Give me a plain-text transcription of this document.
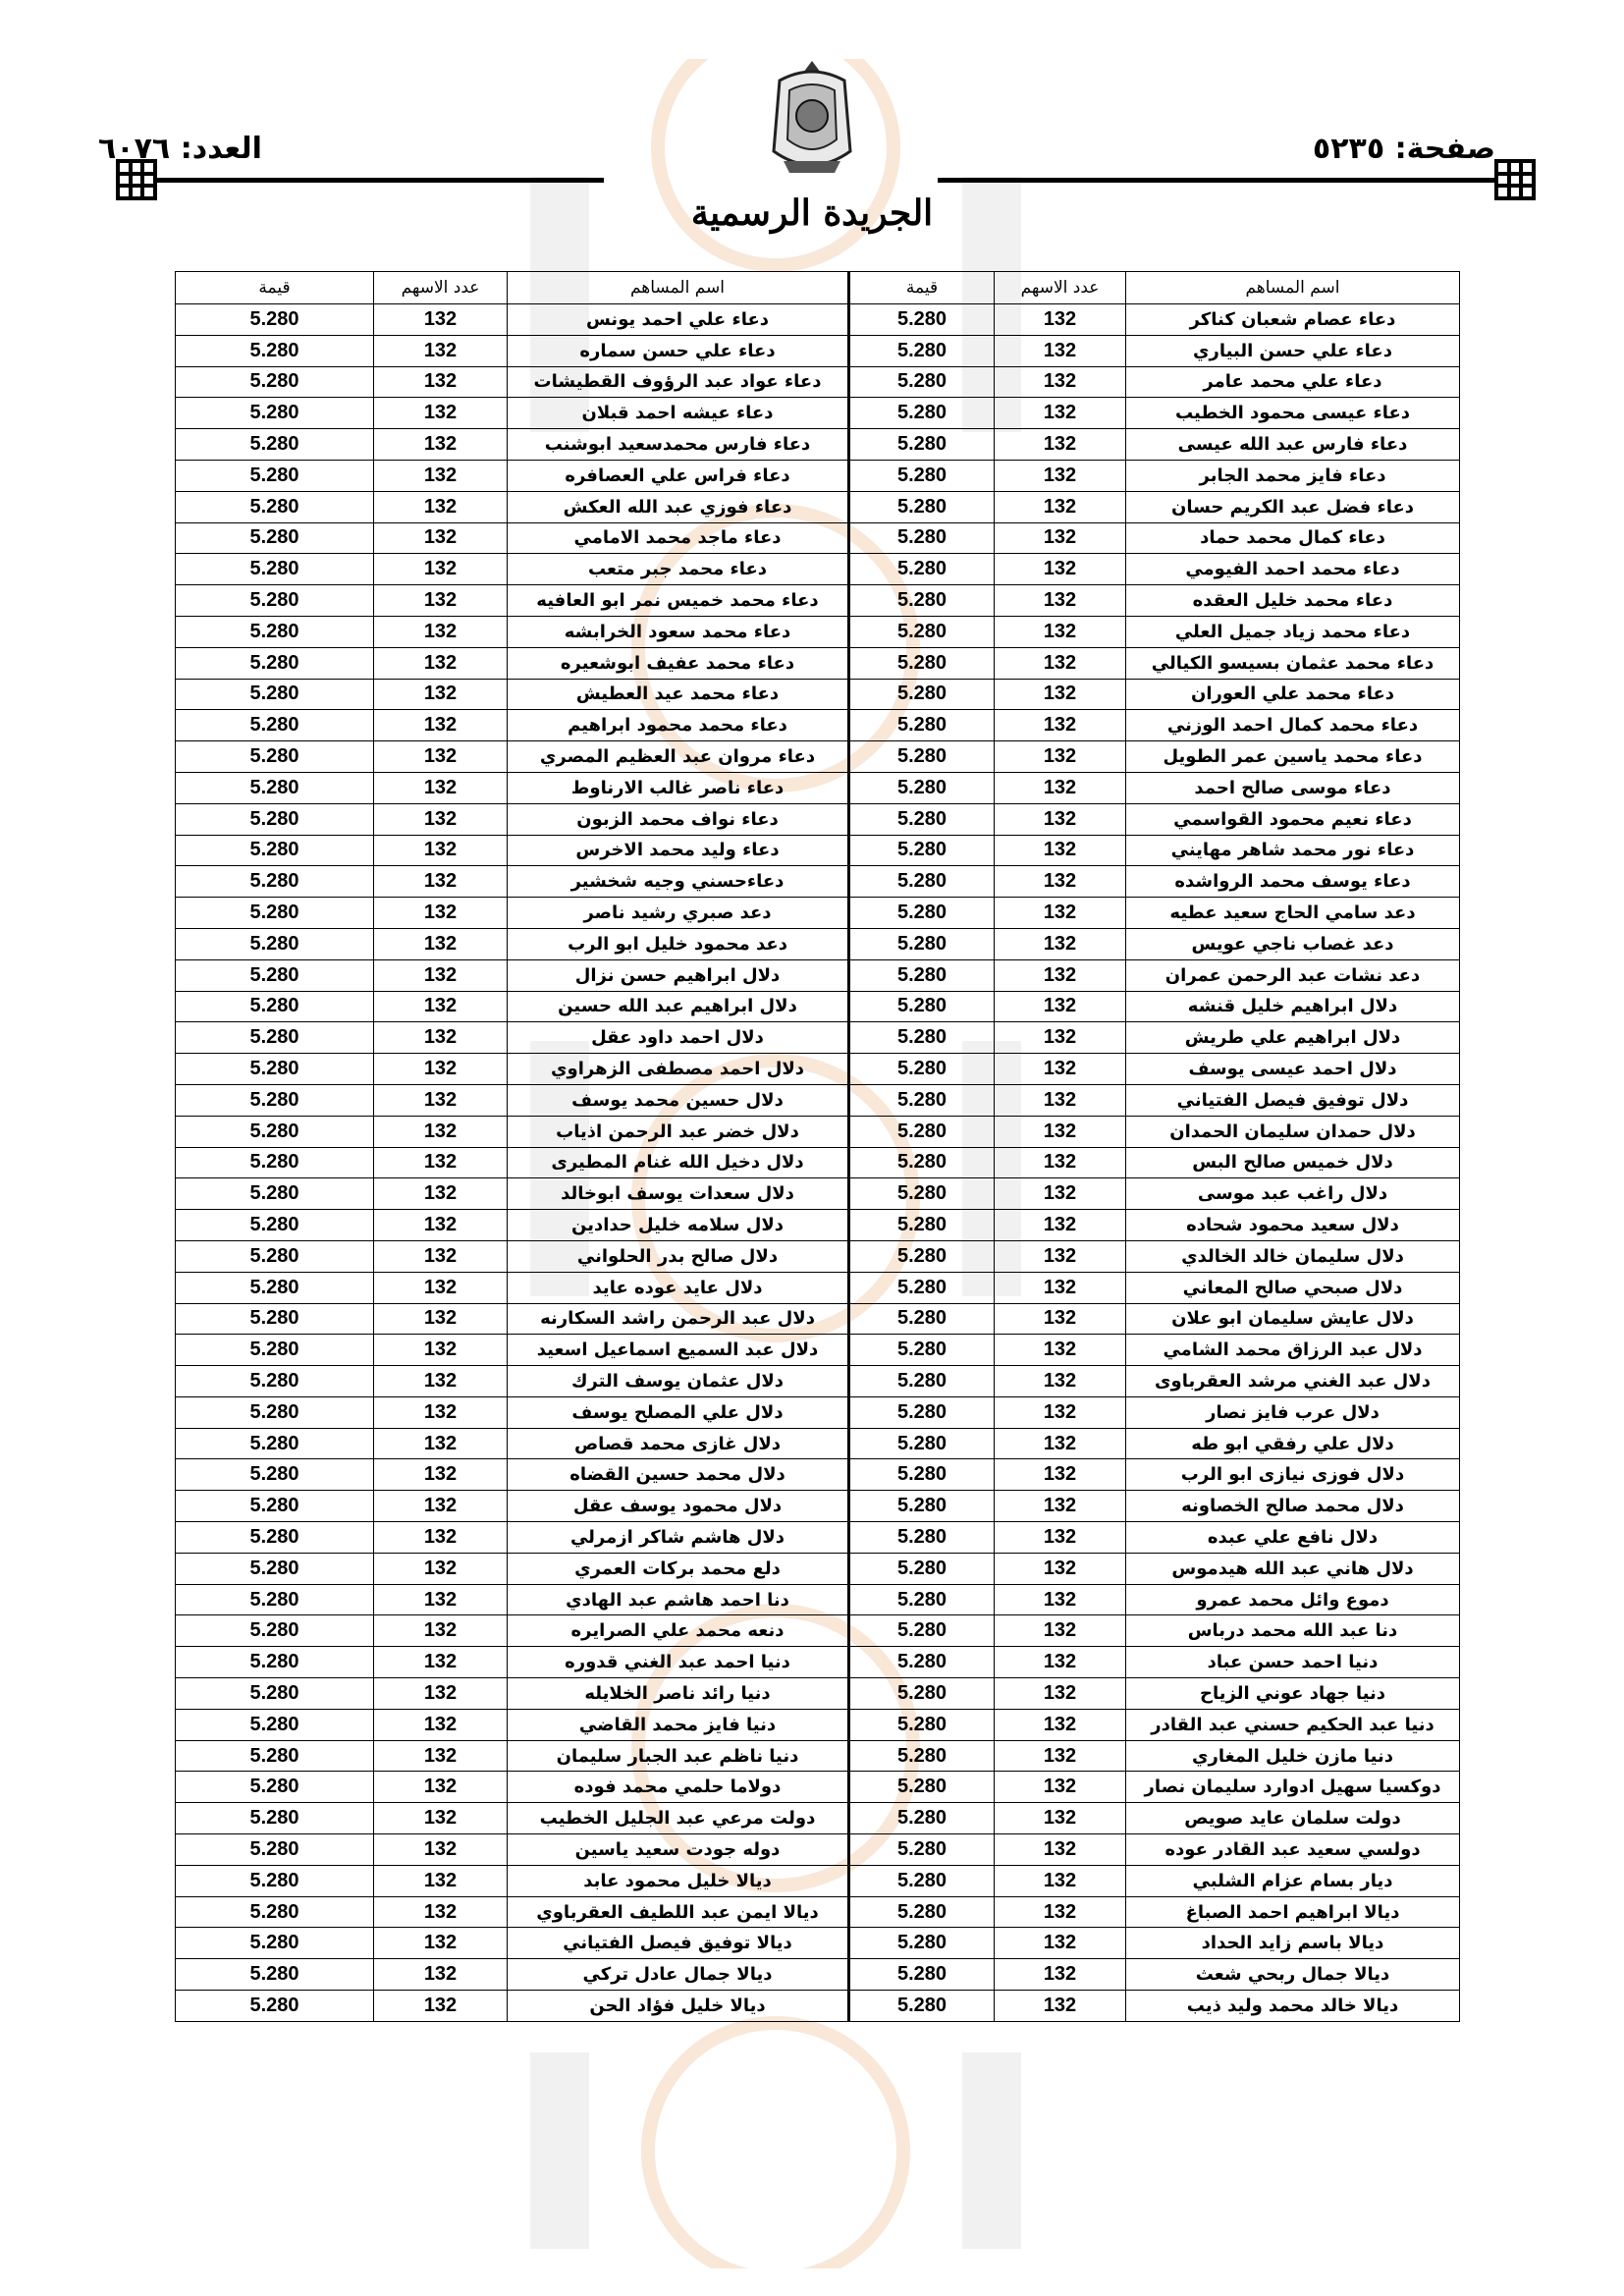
صفحة: ٥٢٣٥
العدد: ٦٠٧٦
الجريدة الرسمية
اسم المساهم	عدد الاسهم	قيمة	اسم المساهم	عدد الاسهم	قيمة
دعاء عصام شعبان كناكر	132	5.280	دعاء علي احمد يونس	132	5.280
دعاء علي حسن البياري	132	5.280	دعاء علي حسن سماره	132	5.280
دعاء علي محمد عامر	132	5.280	دعاء عواد عبد الرؤوف القطيشات	132	5.280
دعاء عيسى محمود الخطيب	132	5.280	دعاء عيشه احمد قبلان	132	5.280
دعاء فارس عبد الله عيسى	132	5.280	دعاء فارس محمدسعيد ابوشنب	132	5.280
دعاء فايز محمد الجابر	132	5.280	دعاء فراس علي العصافره	132	5.280
دعاء فضل عبد الكريم حسان	132	5.280	دعاء فوزي عبد الله العكش	132	5.280
دعاء كمال محمد حماد	132	5.280	دعاء ماجد محمد الامامي	132	5.280
دعاء محمد احمد الفيومي	132	5.280	دعاء محمد جبر متعب	132	5.280
دعاء محمد خليل العقده	132	5.280	دعاء محمد خميس نمر ابو العافيه	132	5.280
دعاء محمد زياد جميل العلي	132	5.280	دعاء محمد سعود الخرابشه	132	5.280
دعاء محمد عثمان بسيسو الكيالي	132	5.280	دعاء محمد عفيف ابوشعيره	132	5.280
دعاء محمد علي العوران	132	5.280	دعاء محمد عيد العطيش	132	5.280
دعاء محمد كمال احمد الوزني	132	5.280	دعاء محمد محمود ابراهيم	132	5.280
دعاء محمد ياسين عمر الطويل	132	5.280	دعاء مروان عبد العظيم المصري	132	5.280
دعاء موسى صالح احمد	132	5.280	دعاء ناصر غالب الارناوط	132	5.280
دعاء نعيم محمود القواسمي	132	5.280	دعاء نواف محمد الزبون	132	5.280
دعاء نور محمد شاهر مهايني	132	5.280	دعاء وليد محمد الاخرس	132	5.280
دعاء يوسف محمد الرواشده	132	5.280	دعاءحسني وجيه شخشير	132	5.280
دعد سامي الحاج سعيد عطيه	132	5.280	دعد صبري رشيد ناصر	132	5.280
دعد غصاب ناجي عويس	132	5.280	دعد محمود خليل ابو الرب	132	5.280
دعد نشات عبد الرحمن عمران	132	5.280	دلال ابراهيم حسن نزال	132	5.280
دلال ابراهيم خليل قنشه	132	5.280	دلال ابراهيم عبد الله حسين	132	5.280
دلال ابراهيم علي طريش	132	5.280	دلال احمد داود عقل	132	5.280
دلال احمد عيسى يوسف	132	5.280	دلال احمد مصطفى الزهراوي	132	5.280
دلال توفيق فيصل الفتياني	132	5.280	دلال حسين محمد يوسف	132	5.280
دلال حمدان سليمان الحمدان	132	5.280	دلال خضر عبد الرحمن اذياب	132	5.280
دلال خميس صالح البس	132	5.280	دلال دخيل الله غنام المطيرى	132	5.280
دلال راغب عبد موسى	132	5.280	دلال سعدات يوسف ابوخالد	132	5.280
دلال سعيد محمود شحاده	132	5.280	دلال سلامه خليل حدادين	132	5.280
دلال سليمان خالد الخالدي	132	5.280	دلال صالح بدر الحلواني	132	5.280
دلال صبحي صالح المعاني	132	5.280	دلال عايد عوده عايد	132	5.280
دلال عايش سليمان ابو علان	132	5.280	دلال عبد الرحمن راشد السكارنه	132	5.280
دلال عبد الرزاق محمد الشامي	132	5.280	دلال عبد السميع اسماعيل اسعيد	132	5.280
دلال عبد الغني مرشد العقرباوى	132	5.280	دلال عثمان يوسف الترك	132	5.280
دلال عرب فايز نصار	132	5.280	دلال علي المصلح يوسف	132	5.280
دلال علي رفقي ابو طه	132	5.280	دلال غازى محمد قصاص	132	5.280
دلال فوزى نيازى ابو الرب	132	5.280	دلال محمد حسين القضاه	132	5.280
دلال محمد صالح الخصاونه	132	5.280	دلال محمود يوسف عقل	132	5.280
دلال نافع علي عبده	132	5.280	دلال هاشم شاكر ازمرلي	132	5.280
دلال هاني عبد الله هيدموس	132	5.280	دلع محمد بركات العمري	132	5.280
دموع وائل محمد عمرو	132	5.280	دنا احمد هاشم عبد الهادي	132	5.280
دنا عبد الله محمد درباس	132	5.280	دنعه محمد علي الصرايره	132	5.280
دنيا احمد حسن عباد	132	5.280	دنيا احمد عبد الغني قدوره	132	5.280
دنيا جهاد عوني الزياح	132	5.280	دنيا رائد ناصر الخلايله	132	5.280
دنيا عبد الحكيم حسني عبد القادر	132	5.280	دنيا فايز محمد القاضي	132	5.280
دنيا مازن خليل المغاري	132	5.280	دنيا ناظم عبد الجبار سليمان	132	5.280
دوكسيا سهيل ادوارد سليمان نصار	132	5.280	دولاما حلمي محمد فوده	132	5.280
دولت سلمان عايد صويص	132	5.280	دولت مرعي عبد الجليل الخطيب	132	5.280
دولسي سعيد عبد القادر عوده	132	5.280	دوله جودت سعيد ياسين	132	5.280
ديار بسام عزام الشلبي	132	5.280	ديالا خليل محمود عابد	132	5.280
ديالا ابراهيم احمد الصباغ	132	5.280	ديالا ايمن عبد اللطيف العقرباوي	132	5.280
ديالا باسم زايد الحداد	132	5.280	ديالا توفيق فيصل الفتياني	132	5.280
ديالا جمال ربحي شعث	132	5.280	ديالا جمال عادل تركي	132	5.280
ديالا خالد محمد وليد ذيب	132	5.280	ديالا خليل فؤاد الحن	132	5.280
